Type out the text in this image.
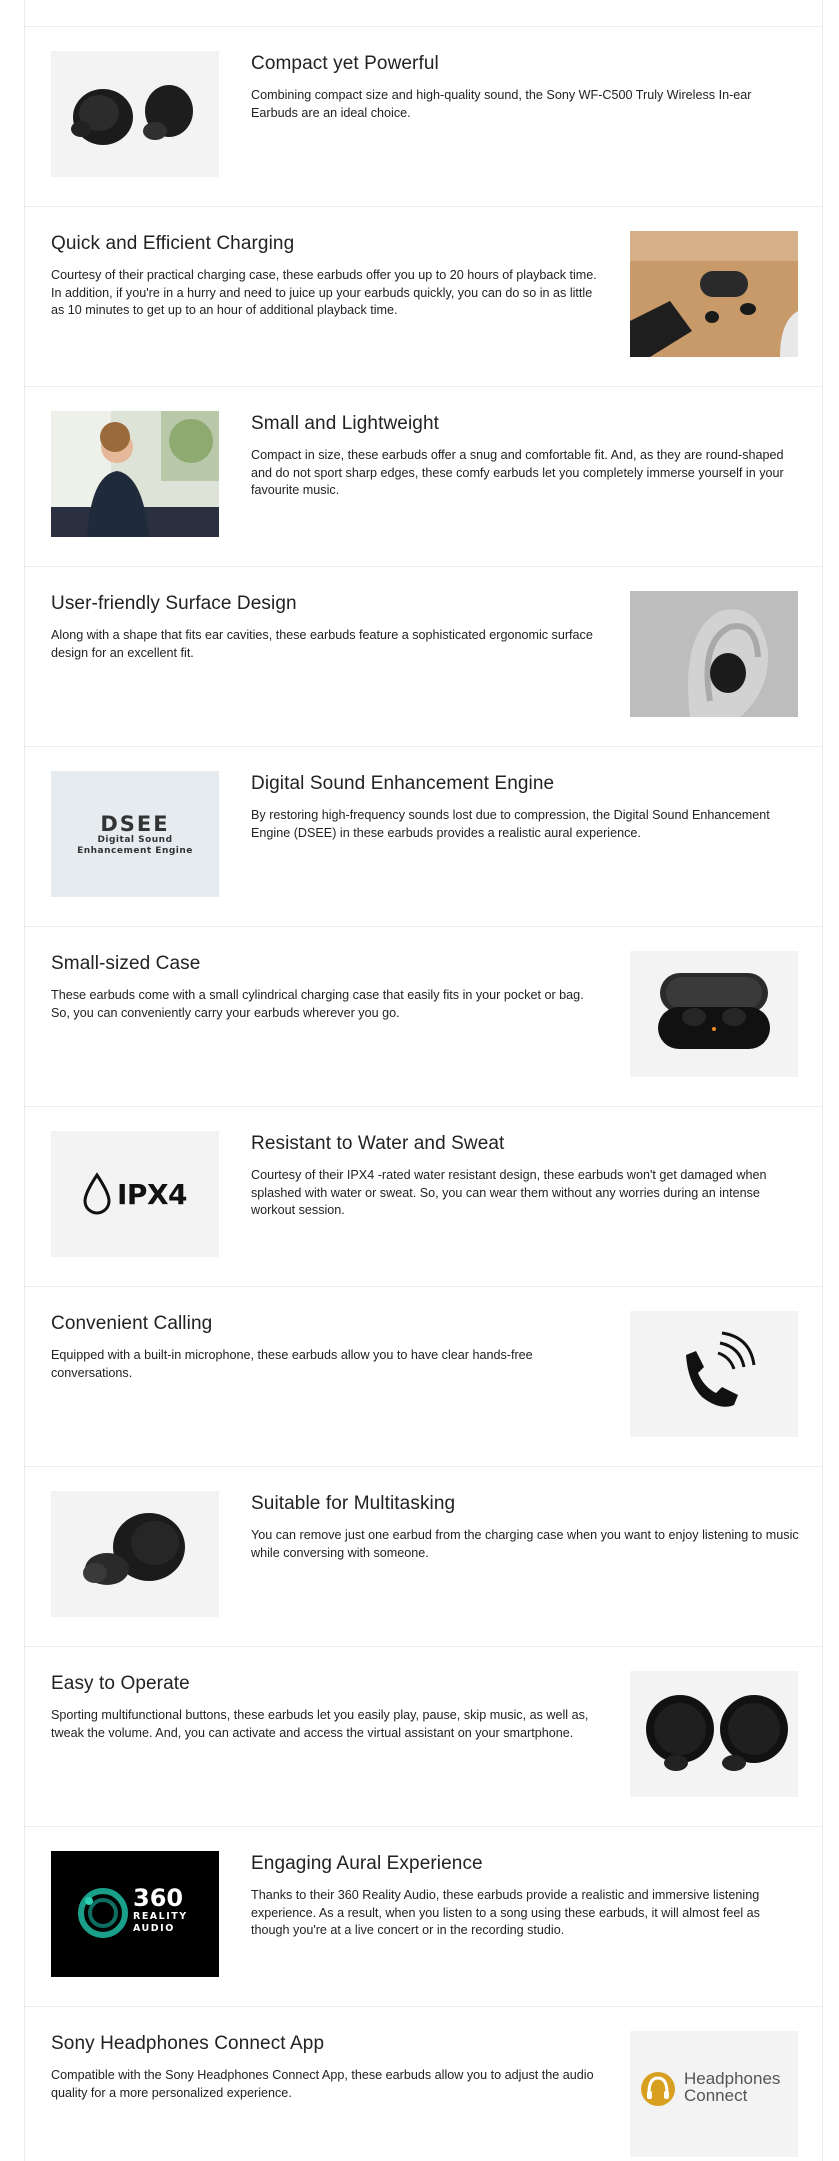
Compact yet Powerful

Combining compact size and high-quality sound, the Sony WF-C500 Truly Wireless In-ear Earbuds are an ideal choice.

Quick and Efficient Charging

Courtesy of their practical charging case, these earbuds offer you up to 20 hours of playback time. In addition, if you're in a hurry and need to juice up your earbuds quickly, you can do so in as little as 10 minutes to get up to an hour of additional playback time.

Small and Lightweight

Compact in size, these earbuds offer a snug and comfortable fit. And, as they are round-shaped and do not sport sharp edges, these comfy earbuds let you completely immerse yourself in your favourite music.

User-friendly Surface Design

Along with a shape that fits ear cavities, these earbuds feature a sophisticated ergonomic surface design for an excellent fit.

DSEE
Digital Sound
Enhancement Engine
Digital Sound Enhancement Engine

By restoring high-frequency sounds lost due to compression, the Digital Sound Enhancement Engine (DSEE) in these earbuds provides a realistic aural experience.

Small-sized Case

These earbuds come with a small cylindrical charging case that easily fits in your pocket or bag. So, you can conveniently carry your earbuds wherever you go.

IPX4
Resistant to Water and Sweat

Courtesy of their IPX4 -rated water resistant design, these earbuds won't get damaged when splashed with water or sweat. So, you can wear them without any worries during an intense workout session.

Convenient Calling

Equipped with a built-in microphone, these earbuds allow you to have clear hands-free conversations.

Suitable for Multitasking

You can remove just one earbud from the charging case when you want to enjoy listening to music while conversing with someone.

Easy to Operate

Sporting multifunctional buttons, these earbuds let you easily play, pause, skip music, as well as, tweak the volume. And, you can activate and access the virtual assistant on your smartphone.

360
REALITY
AUDIO
Engaging Aural Experience

Thanks to their 360 Reality Audio, these earbuds provide a realistic and immersive listening experience. As a result, when you listen to a song using these earbuds, it will almost feel as though you're at a live concert or in the recording studio.

Sony Headphones Connect App

Compatible with the Sony Headphones Connect App, these earbuds allow you to adjust the audio quality for a more personalized experience.

Headphones
Connect
